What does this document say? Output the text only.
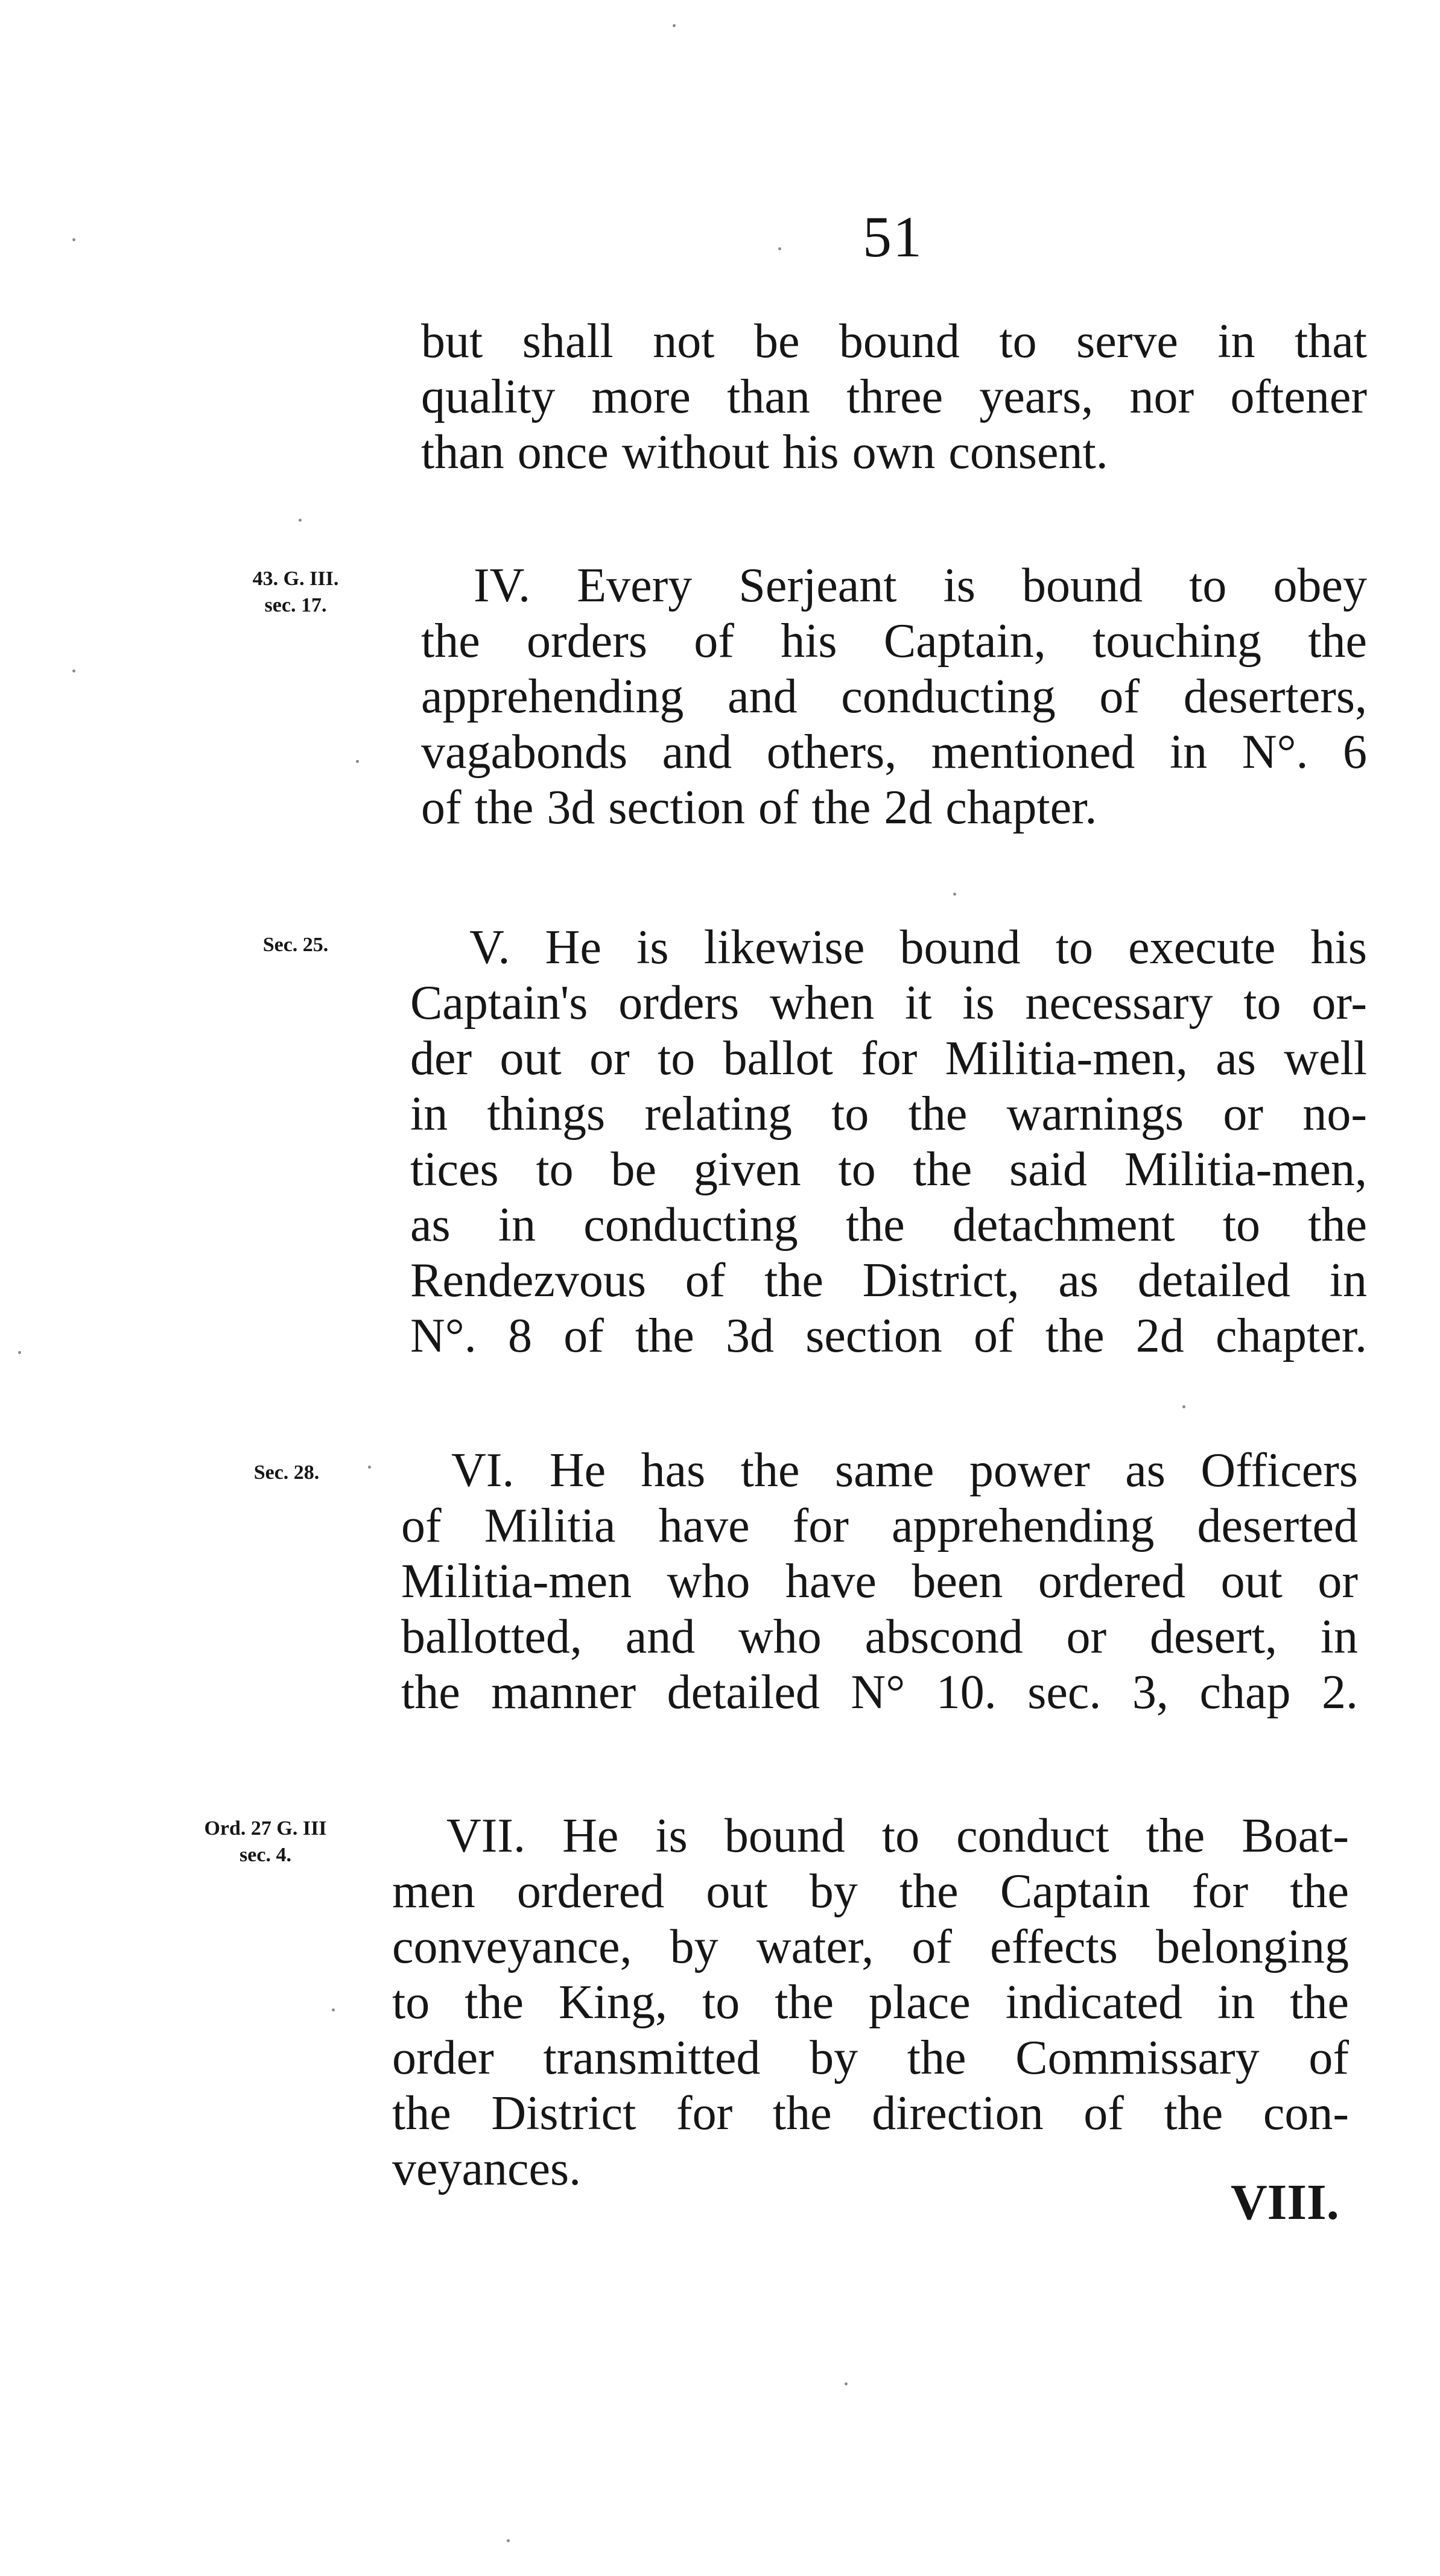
51
but shall not be bound to serve in that
quality more than three years, nor oftener
than once without his own consent.
43. G. III.
sec. 17.	IV. Every Serjeant is bound to obey
the orders of his Captain, touching the
apprehending and conducting of deserters,
vagabonds and others, mentioned in N°. 6
of the 3d section of the 2d chapter.
Sec. 25.	V. He is likewise bound to execute his
Captain's orders when it is necessary to or-
der out or to ballot for Militia-men, as well
in things relating to the warnings or no-
tices to be given to the said Militia-men,
as in conducting the detachment to the
Rendezvous of the District, as detailed in
N°. 8 of the 3d section of the 2d chapter.
Sec. 28.	VI. He has the same power as Officers
of Militia have for apprehending deserted
Militia-men who have been ordered out or
ballotted, and who abscond or desert, in
the manner detailed N° 10. sec. 3, chap 2.
Ord. 27 G. III
sec. 4.	VII. He is bound to conduct the Boat-
men ordered out by the Captain for the
conveyance, by water, of effects belonging
to the King, to the place indicated in the
order transmitted by the Commissary of
the District for the direction of the con-
veyances.
VIII.
